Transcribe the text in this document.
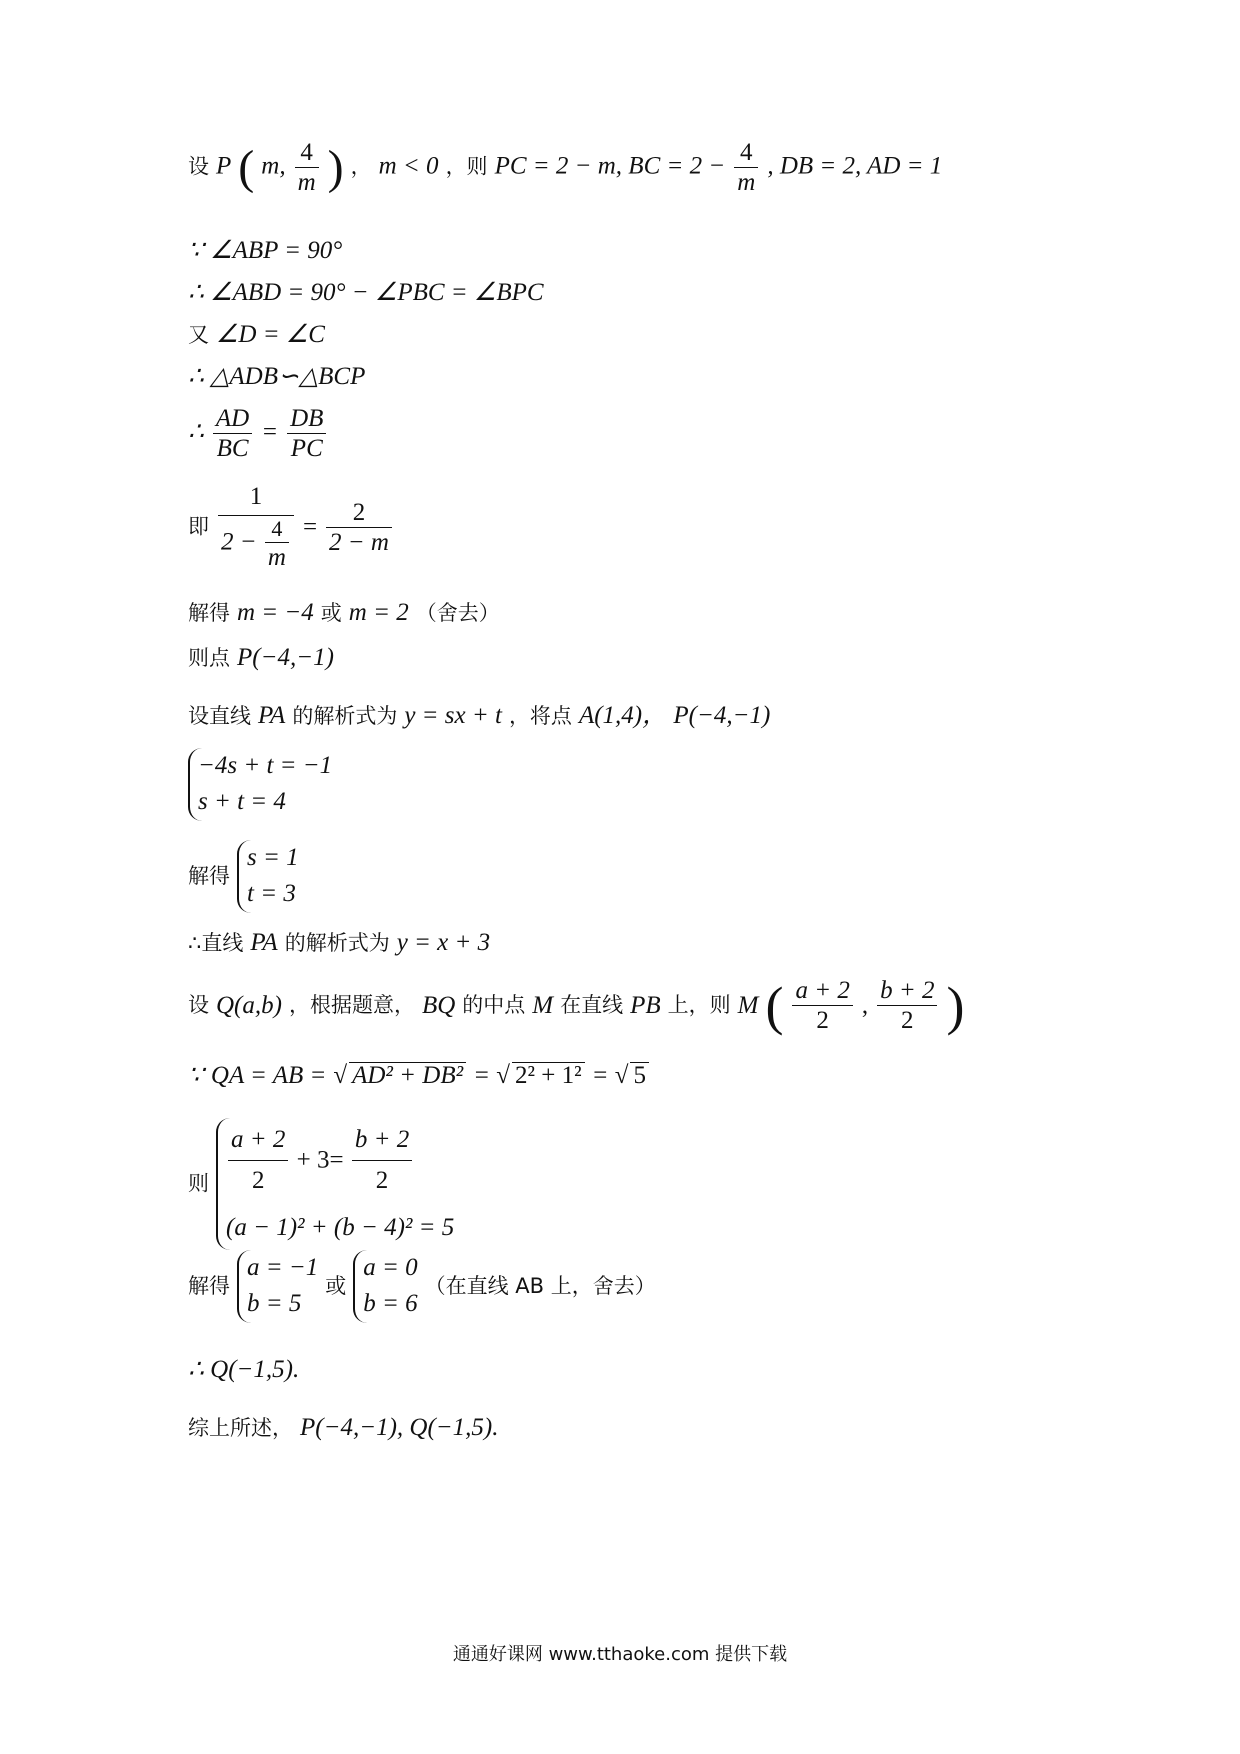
设 P ( m, $\frac{4}{m}$ ) ， m < 0 ，则 PC = 2 − m, BC = $2 - \frac{4}{m}$ , DB = 2, AD = 1
∵ ∠ABP = 90°
∴ ∠ABD = 90° − ∠PBC = ∠BPC
又 ∠D = ∠C
∴ △ADB∽△BCP
∴ $\frac{AD}{BC} = \frac{DB}{PC}$
即 $\frac{1}{2 - \frac{4}{m}} = \frac{2}{2 - m}$
解得 m = −4 或 m = 2 （舍去）
则点 P(−4,−1)
设直线 PA 的解析式为 y = sx + t ，将点 A(1,4)， P(−4,−1)
−4s + t = −1
s + t = 4
解得
s = 1
t = 3
∴直线 PA 的解析式为 y = x + 3
设 Q(a,b) ，根据题意， BQ 的中点 M 在直线 PB 上，则 M ( $\frac{a + 2}{2}$ , $\frac{b + 2}{2}$ )
∵ QA = AB = √ AD² + DB² = √ 2² + 1² = √ 5
则 $\frac{a + 2}{2} + 3= \frac{b + 2}{2}$
(a − 1)² + (b − 4)² = 5
解得
a = −1
b = 5
或
a = 0
b = 6
（在直线 AB 上，舍去）
∴ Q(−1,5).
综上所述， P(−4,−1), Q(−1,5).
通通好课网 www.tthaoke.com 提供下载
